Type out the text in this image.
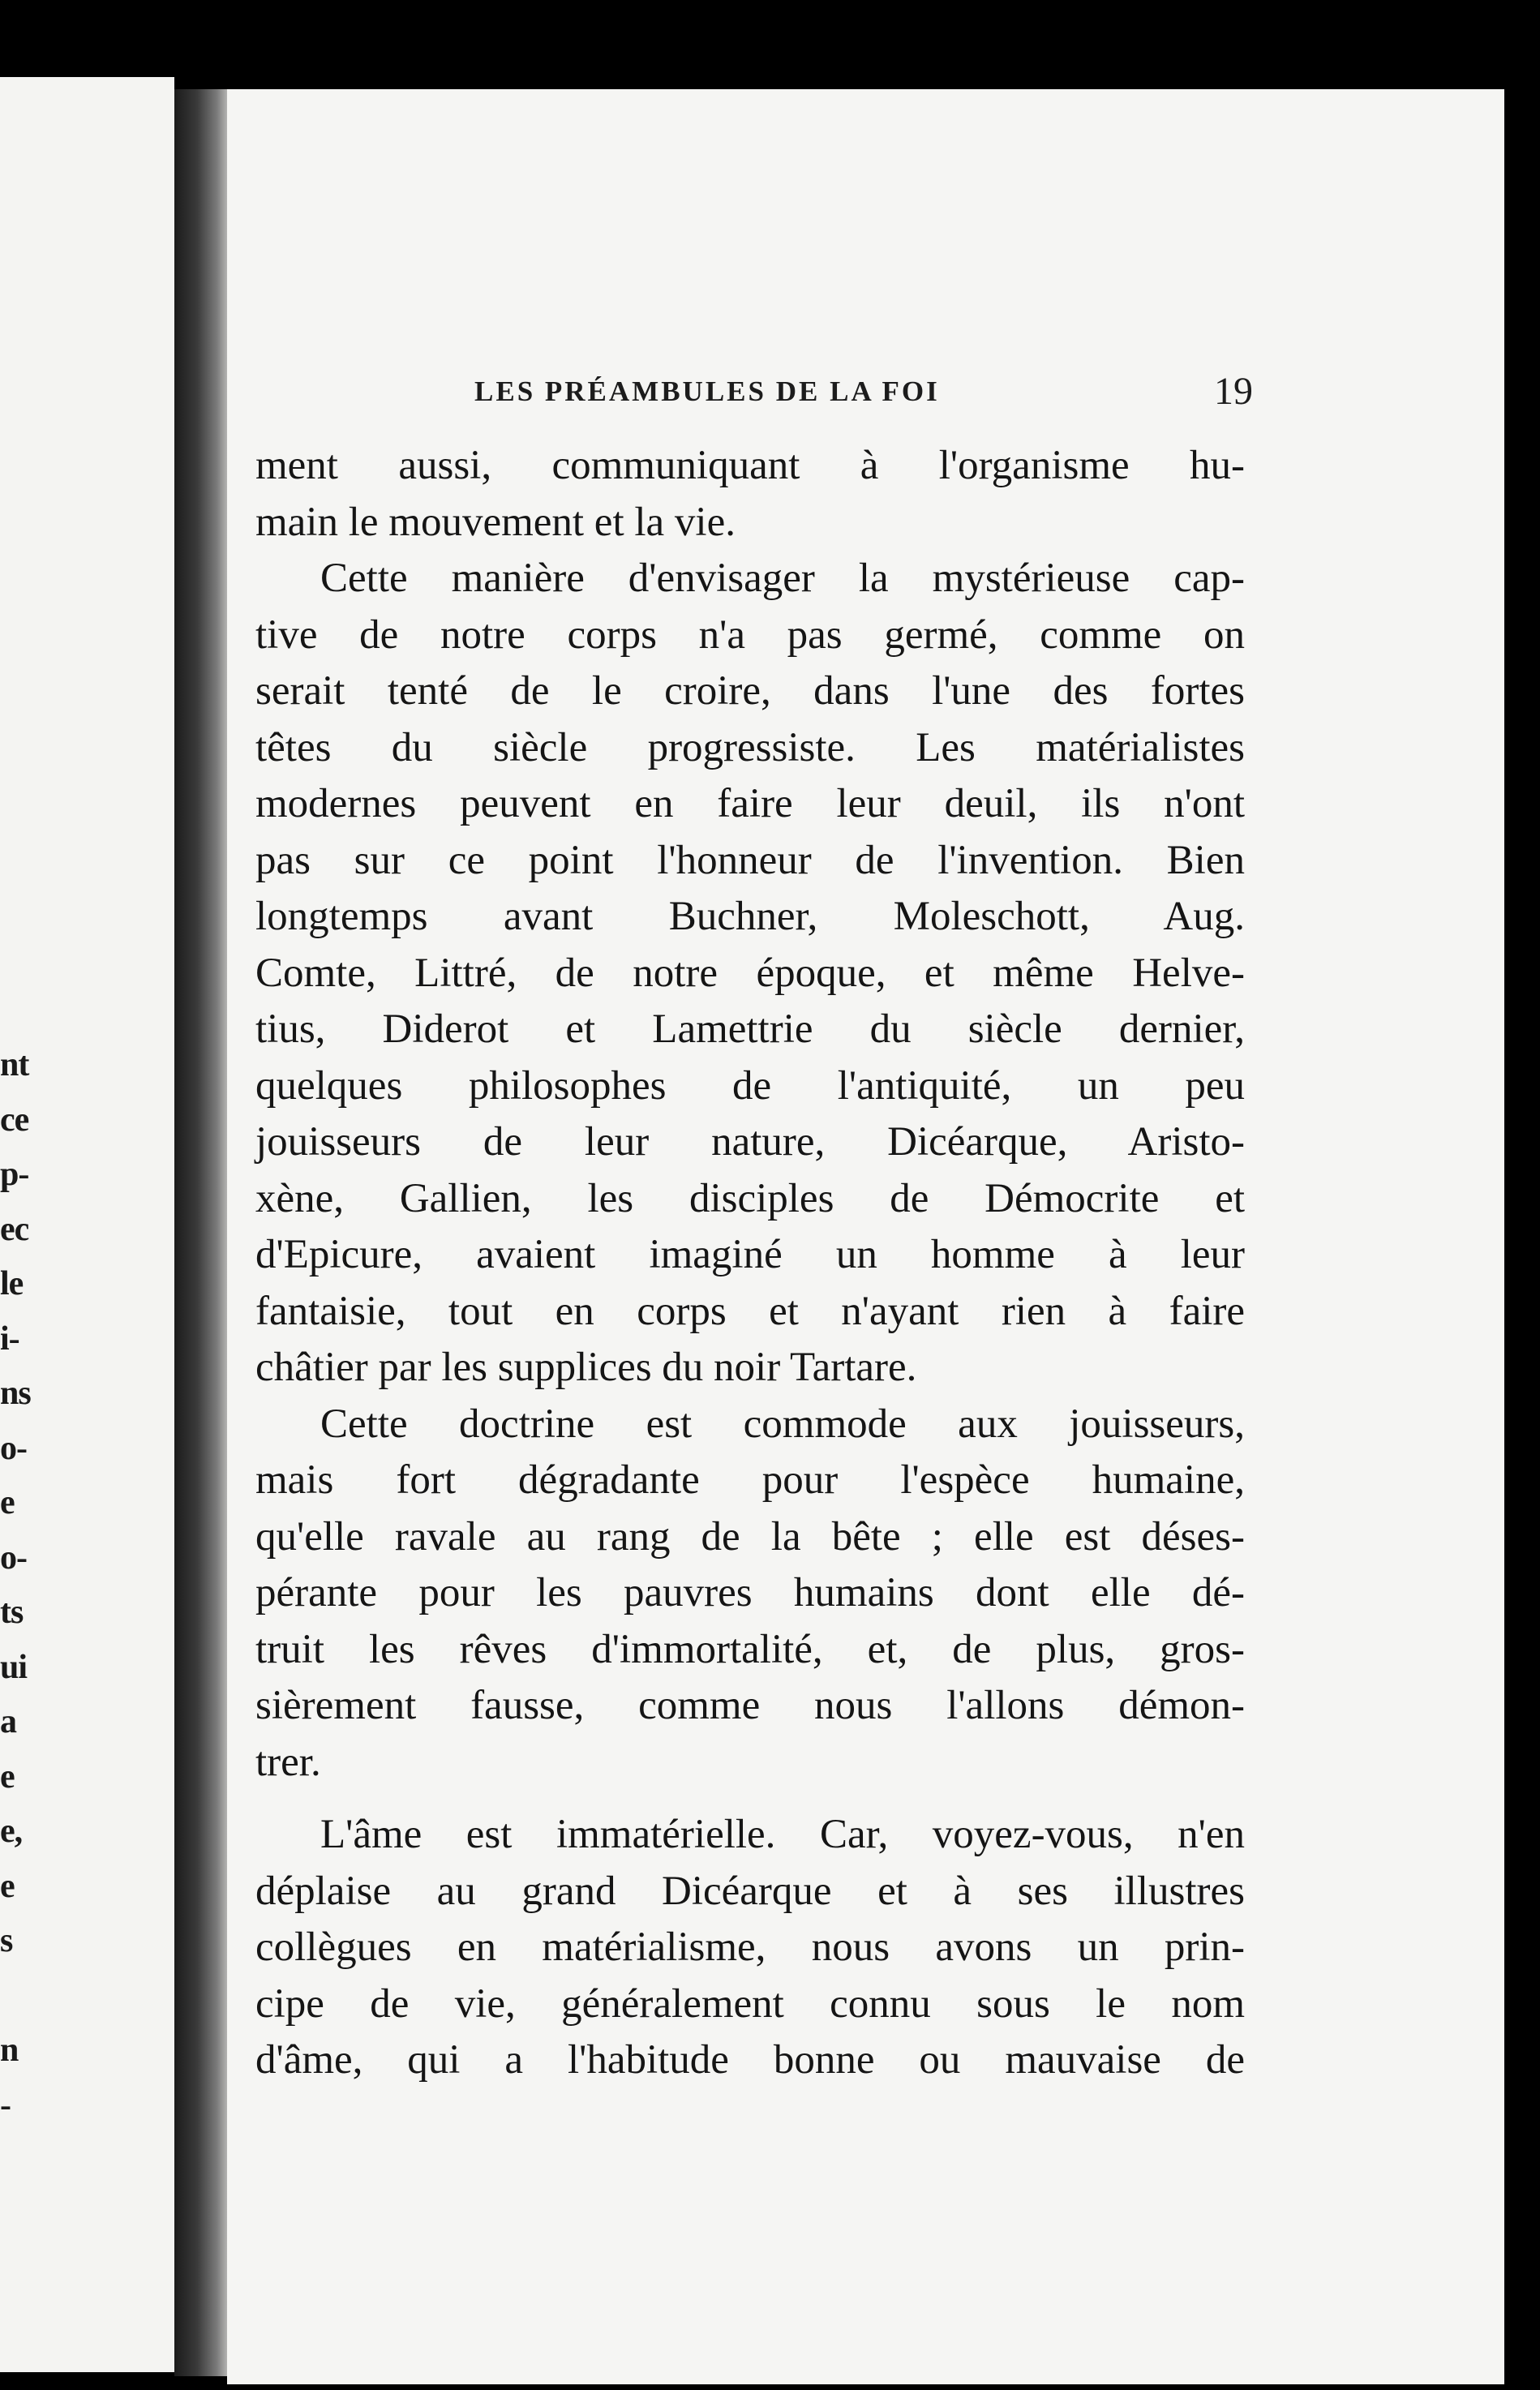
nt
ce
p-
ec
le
i-
ns
o-
e
o-
ts
ui
a
e
e,
e
s
n
-
LES PRÉAMBULES DE LA FOI	19
ment aussi, communiquant à l'organisme hu-
main le mouvement et la vie.
Cette manière d'envisager la mystérieuse cap-
tive de notre corps n'a pas germé, comme on
serait tenté de le croire, dans l'une des fortes
têtes du siècle progressiste. Les matérialistes
modernes peuvent en faire leur deuil, ils n'ont
pas sur ce point l'honneur de l'invention. Bien
longtemps avant Buchner, Moleschott, Aug.
Comte, Littré, de notre époque, et même Helve-
tius, Diderot et Lamettrie du siècle dernier,
quelques philosophes de l'antiquité, un peu
jouisseurs de leur nature, Dicéarque, Aristo-
xène, Gallien, les disciples de Démocrite et
d'Epicure, avaient imaginé un homme à leur
fantaisie, tout en corps et n'ayant rien à faire
châtier par les supplices du noir Tartare.
Cette doctrine est commode aux jouisseurs,
mais fort dégradante pour l'espèce humaine,
qu'elle ravale au rang de la bête ; elle est déses-
pérante pour les pauvres humains dont elle dé-
truit les rêves d'immortalité, et, de plus, gros-
sièrement fausse, comme nous l'allons démon-
trer.
L'âme est immatérielle. Car, voyez-vous, n'en
déplaise au grand Dicéarque et à ses illustres
collègues en matérialisme, nous avons un prin-
cipe de vie, généralement connu sous le nom
d'âme, qui a l'habitude bonne ou mauvaise de
